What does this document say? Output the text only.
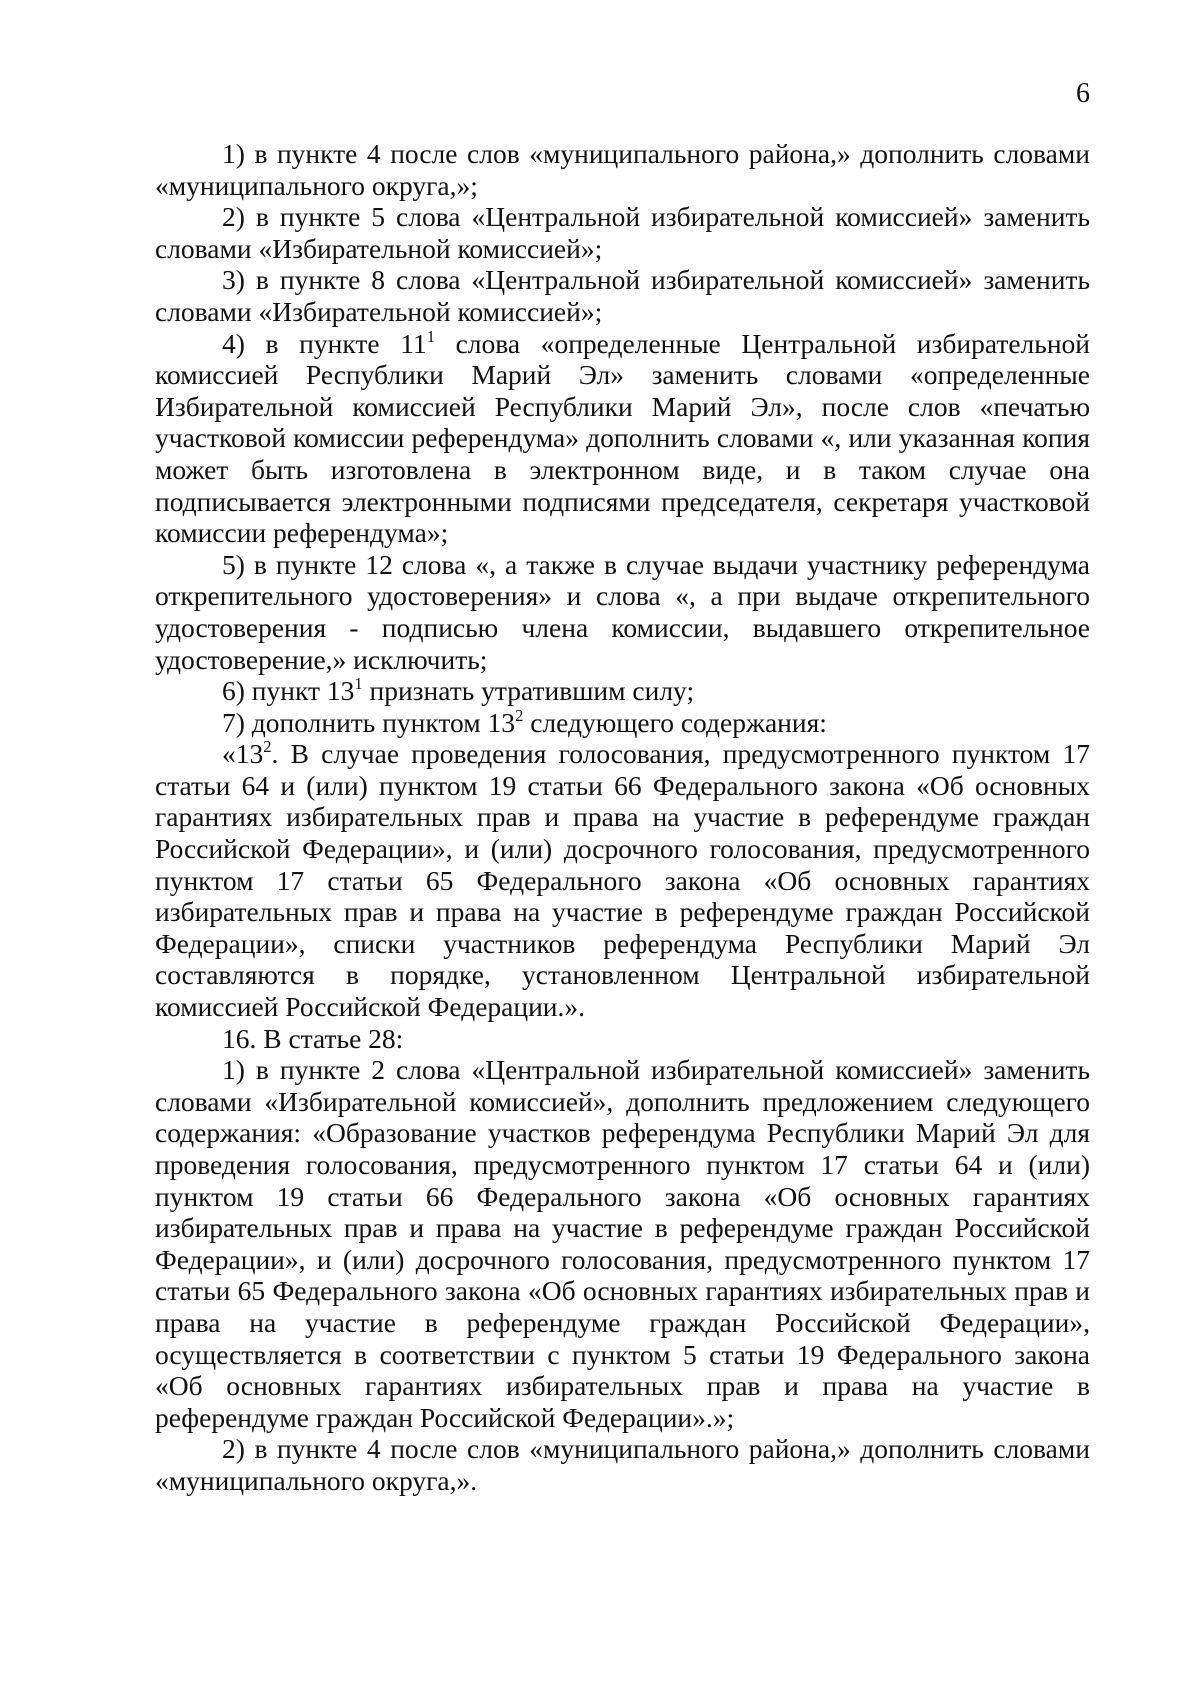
6

1) в пункте 4 после слов «муниципального района,» дополнить словами «муниципального округа,»;

2) в пункте 5 слова «Центральной избирательной комиссией» заменить словами «Избирательной комиссией»;

3) в пункте 8 слова «Центральной избирательной комиссией» заменить словами «Избирательной комиссией»;

4) в пункте $11^1$ слова «определенные Центральной избирательной комиссией Республики Марий Эл» заменить словами «определенные Избирательной комиссией Республики Марий Эл», после слов «печатью участковой комиссии референдума» дополнить словами «, или указанная копия может быть изготовлена в электронном виде, и в таком случае она подписывается электронными подписями председателя, секретаря участковой комиссии референдума»;

5) в пункте 12 слова «, а также в случае выдачи участнику референдума открепительного удостоверения» и слова «, а при выдаче открепительного удостоверения - подписью члена комиссии, выдавшего открепительное удостоверение,» исключить;

6) пункт $13^1$ признать утратившим силу;

7) дополнить пунктом $13^2$ следующего содержания:

«$13^2$. В случае проведения голосования, предусмотренного пунктом 17 статьи 64 и (или) пунктом 19 статьи 66 Федерального закона «Об основных гарантиях избирательных прав и права на участие в референдуме граждан Российской Федерации», и (или) досрочного голосования, предусмотренного пунктом 17 статьи 65 Федерального закона «Об основных гарантиях избирательных прав и права на участие в референдуме граждан Российской Федерации», списки участников референдума Республики Марий Эл составляются в порядке, установленном Центральной избирательной комиссией Российской Федерации.».

16. В статье 28:

1) в пункте 2 слова «Центральной избирательной комиссией» заменить словами «Избирательной комиссией», дополнить предложением следующего содержания: «Образование участков референдума Республики Марий Эл для проведения голосования, предусмотренного пунктом 17 статьи 64 и (или) пунктом 19 статьи 66 Федерального закона «Об основных гарантиях избирательных прав и права на участие в референдуме граждан Российской Федерации», и (или) досрочного голосования, предусмотренного пунктом 17 статьи 65 Федерального закона «Об основных гарантиях избирательных прав и права на участие в референдуме граждан Российской Федерации», осуществляется в соответствии с пунктом 5 статьи 19 Федерального закона «Об основных гарантиях избирательных прав и права на участие в референдуме граждан Российской Федерации».»;

2) в пункте 4 после слов «муниципального района,» дополнить словами «муниципального округа,».
